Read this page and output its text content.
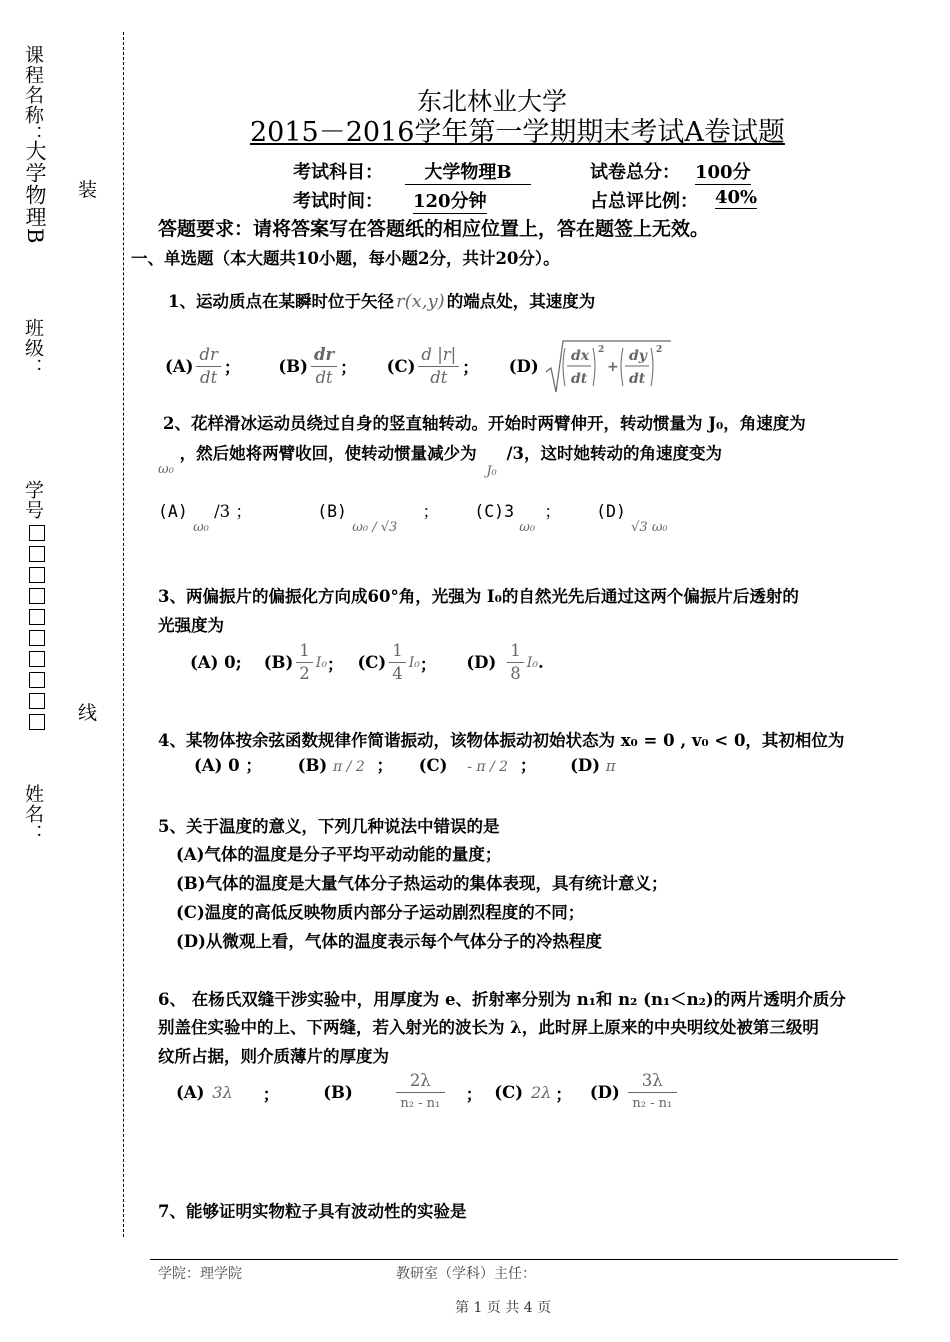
课程名称：
大学物理B
班级：
学号
姓名：
装
线
东北林业大学
2015－2016学年第一学期期末考试A卷试题
考试科目：	大学物理B	试卷总分： 100分
考试时间： 120分钟	占总评比例： 40%
答题要求：请将答案写在答题纸的相应位置上，答在题签上无效。
一、单选题（本大题共10小题，每小题2分，共计20分）。
1、运动质点在某瞬时位于矢径 r(x,y) 的端点处，其速度为
$(A) \frac{dr}{dt}$ ； $(B) \frac{dr}{dt}$ ； $(C) \frac{d |r|}{dt}$ ； (D)
dx
dt
2
+
dy
dt
2
2、花样滑冰运动员绕过自身的竖直轴转动。开始时两臂伸开，转动惯量为 J₀，角速度为
$_{\omega_0}$ ，然后她将两臂收回，使转动惯量减少为 $_{J_0}$ /3，这时她转动的角速度变为
(A) $_{\omega_0}$ /3 ；	(B) $_{\omega_0 / √3}$ ； (C)3 $_{\omega_0}$ ； (D) $_{√3 \omega_0}$
3、两偏振片的偏振化方向成60°角，光强为 I₀的自然光先后通过这两个偏振片后透射的
光强度为
(A) 0; $(B) \frac{1}{2} I_0$ ； $(C) \frac{1}{4} I_0$ ； $(D) \frac{1}{8} I_0$ .
4、某物体按余弦函数规律作简谐振动，该物体振动初始状态为 x₀ = 0 , v₀ < 0，其初相位为
(A) 0 ； (B) π / 2 ； (C) - π / 2 ； (D) π
5、关于温度的意义，下列几种说法中错误的是
(A)气体的温度是分子平均平动动能的量度；
(B)气体的温度是大量气体分子热运动的集体表现，具有统计意义；
(C)温度的高低反映物质内部分子运动剧烈程度的不同；
(D)从微观上看，气体的温度表示每个气体分子的冷热程度
6、 在杨氏双缝干涉实验中，用厚度为 e、折射率分别为 n₁和 n₂ (n₁＜n₂)的两片透明介质分
别盖住实验中的上、下两缝，若入射光的波长为 λ，此时屏上原来的中央明纹处被第三级明
纹所占据，则介质薄片的厚度为
(A) 3λ ；	(B)	$\frac{2\lambda}{\text{n₂ - n₁}}$ ； (C) 2λ ； $(D) \frac{3\lambda}{\text{n₂ - n₁}}$
7、能够证明实物粒子具有波动性的实验是
学院：理学院	教研室（学科）主任：
第 1 页 共 4 页
